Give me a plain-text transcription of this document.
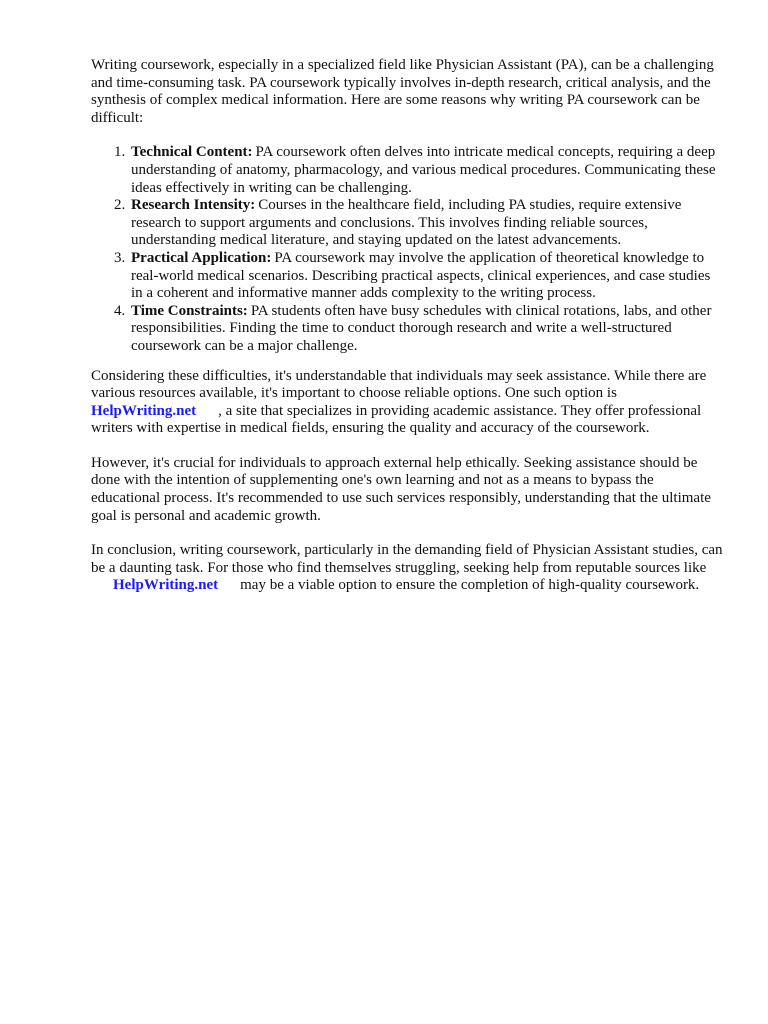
Writing coursework, especially in a specialized field like Physician Assistant (PA), can be a challenging and time-consuming task. PA coursework typically involves in-depth research, critical analysis, and the synthesis of complex medical information. Here are some reasons why writing PA coursework can be difficult:

1. Technical Content: PA coursework often delves into intricate medical concepts, requiring a deep understanding of anatomy, pharmacology, and various medical procedures. Communicating these ideas effectively in writing can be challenging.
2. Research Intensity: Courses in the healthcare field, including PA studies, require extensive research to support arguments and conclusions. This involves finding reliable sources, understanding medical literature, and staying updated on the latest advancements.
3. Practical Application: PA coursework may involve the application of theoretical knowledge to real-world medical scenarios. Describing practical aspects, clinical experiences, and case studies in a coherent and informative manner adds complexity to the writing process.
4. Time Constraints: PA students often have busy schedules with clinical rotations, labs, and other responsibilities. Finding the time to conduct thorough research and write a well-structured coursework can be a major challenge.

Considering these difficulties, it's understandable that individuals may seek assistance. While there are various resources available, it's important to choose reliable options. One such option is HelpWriting.net , a site that specializes in providing academic assistance. They offer professional writers with expertise in medical fields, ensuring the quality and accuracy of the coursework.

However, it's crucial for individuals to approach external help ethically. Seeking assistance should be done with the intention of supplementing one's own learning and not as a means to bypass the educational process. It's recommended to use such services responsibly, understanding that the ultimate goal is personal and academic growth.

In conclusion, writing coursework, particularly in the demanding field of Physician Assistant studies, can be a daunting task. For those who find themselves struggling, seeking help from reputable sources likeHelpWriting.net may be a viable option to ensure the completion of high-quality coursework.
